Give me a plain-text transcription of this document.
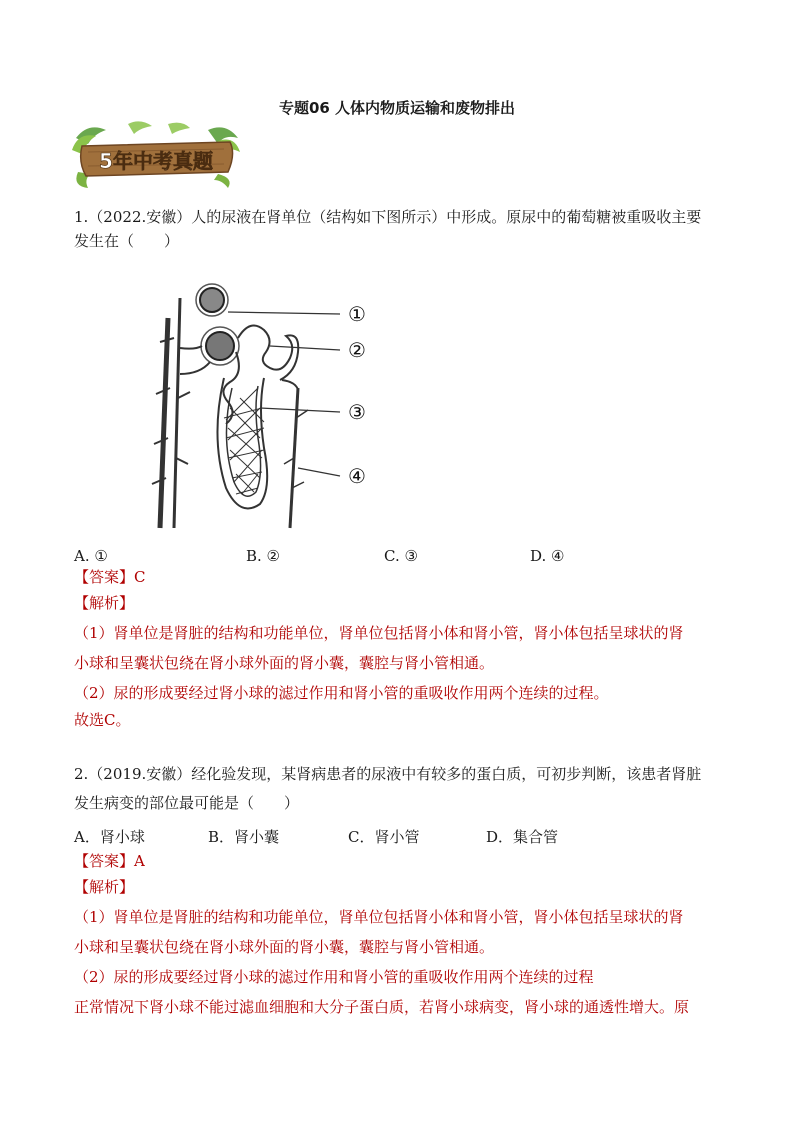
专题06 人体内物质运输和废物排出
5年中考真题
1.（2022.安徽）人的尿液在肾单位（结构如下图所示）中形成。原尿中的葡萄糖被重吸收主要
发生在（　　）
①
②
③
④
A. ①	B. ②	C. ③	D. ④
【答案】C
【解析】
（1）肾单位是肾脏的结构和功能单位，肾单位包括肾小体和肾小管，肾小体包括呈球状的肾
小球和呈囊状包绕在肾小球外面的肾小囊，囊腔与肾小管相通。
（2）尿的形成要经过肾小球的滤过作用和肾小管的重吸收作用两个连续的过程。
故选C。
2.（2019.安徽）经化验发现，某肾病患者的尿液中有较多的蛋白质，可初步判断，该患者肾脏
发生病变的部位最可能是（　　）
A．肾小球	B．肾小囊	C．肾小管	D．集合管
【答案】A
【解析】
（1）肾单位是肾脏的结构和功能单位，肾单位包括肾小体和肾小管，肾小体包括呈球状的肾
小球和呈囊状包绕在肾小球外面的肾小囊，囊腔与肾小管相通。
（2）尿的形成要经过肾小球的滤过作用和肾小管的重吸收作用两个连续的过程
正常情况下肾小球不能过滤血细胞和大分子蛋白质，若肾小球病变，肾小球的通透性增大。原
